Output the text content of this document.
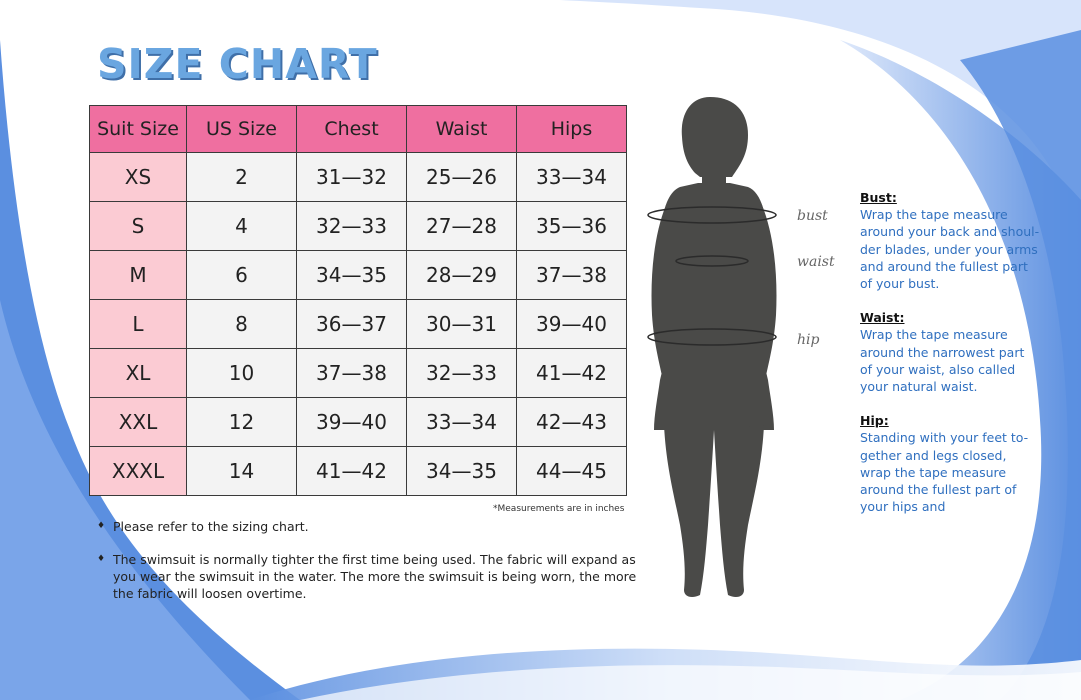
SIZE CHART
Suit Size	US Size	Chest	Waist	Hips
XS	2	31—32	25—26	33—34
S	4	32—33	27—28	35—36
M	6	34—35	28—29	37—38
L	8	36—37	30—31	39—40
XL	10	37—38	32—33	41—42
XXL	12	39—40	33—34	42—43
XXXL	14	41—42	34—35	44—45
*Measurements are in inches
♦ Please refer to the sizing chart.
♦ The swimsuit is normally tighter the first time being used. The fabric will expand as you wear the swimsuit in the water. The more the swimsuit is being worn, the more the fabric will loosen overtime.
bust
waist
hip
Bust:
Wrap the tape measure around your back and shoul-der blades, under your arms and around the fullest part of your bust.
Waist:
Wrap the tape measure around the narrowest part of your waist, also called your natural waist.
Hip:
Standing with your feet to-gether and legs closed, wrap the tape measure around the fullest part of your hips and
